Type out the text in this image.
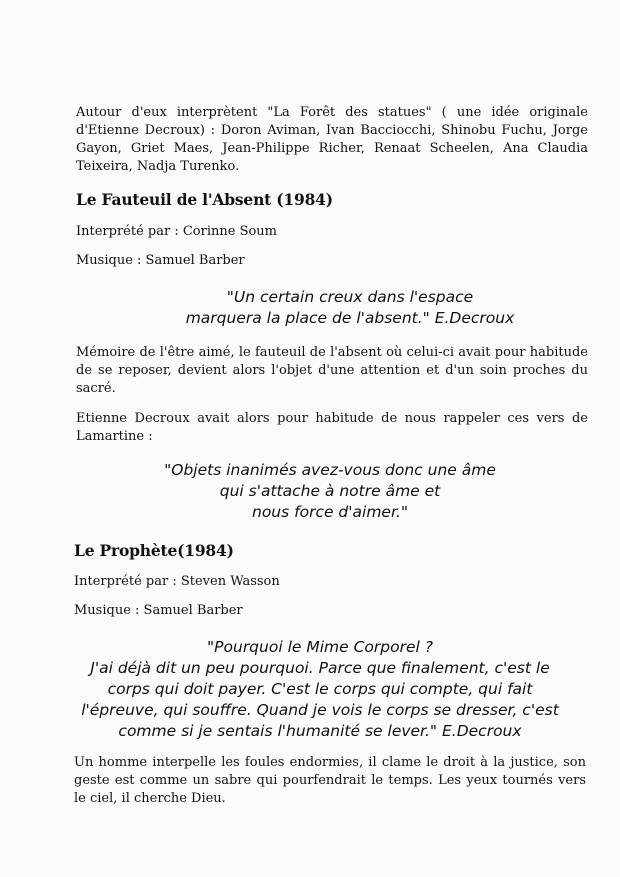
Autour d'eux interprètent "La Forêt des statues" ( une idée originale d'Etienne Decroux) : Doron Aviman, Ivan Bacciocchi, Shinobu Fuchu, Jorge Gayon, Griet Maes, Jean-Philippe Richer, Renaat Scheelen, Ana Claudia Teixeira, Nadja Turenko.
Le Fauteuil de l'Absent (1984)
Interprété par : Corinne Soum
Musique : Samuel Barber
"Un certain creux dans l'espace
marquera la place de l'absent." E.Decroux
Mémoire de l'être aimé, le fauteuil de l'absent où celui-ci avait pour habitude de se reposer, devient alors l'objet d'une attention et d'un soin proches du sacré.
Etienne Decroux avait alors pour habitude de nous rappeler ces vers de Lamartine :
"Objets inanimés avez-vous donc une âme
qui s'attache à notre âme et
nous force d'aimer."
Le Prophète(1984)
Interprété par : Steven Wasson
Musique : Samuel Barber
"Pourquoi le Mime Corporel ?
J'ai déjà dit un peu pourquoi. Parce que finalement, c'est le
corps qui doit payer. C'est le corps qui compte, qui fait
l'épreuve, qui souffre. Quand je vois le corps se dresser, c'est
comme si je sentais l'humanité se lever." E.Decroux
Un homme interpelle les foules endormies, il clame le droit à la justice, son geste est comme un sabre qui pourfendrait le temps. Les yeux tournés vers le ciel, il cherche Dieu.
